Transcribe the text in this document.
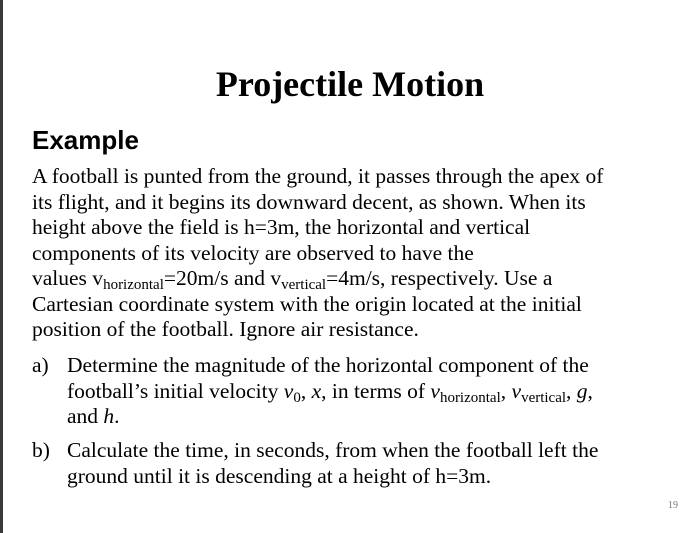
Projectile Motion
Example

A football is punted from the ground, it passes through the apex of
its flight, and it begins its downward decent, as shown. When its
height above the field is h=3m, the horizontal and vertical
components of its velocity are observed to have the
values $v_{horizontal}=20m/s$ and $v_{vertical}=4m/s$, respectively. Use a
Cartesian coordinate system with the origin located at the initial
position of the football. Ignore air resistance.

a) Determine the magnitude of the horizontal component of the
football’s initial velocity $v_0$, x, in terms of $v_{horizontal}$, $v_{vertical}$, g,
and h.
b) Calculate the time, in seconds, from when the football left the
ground until it is descending at a height of h=3m.
19
